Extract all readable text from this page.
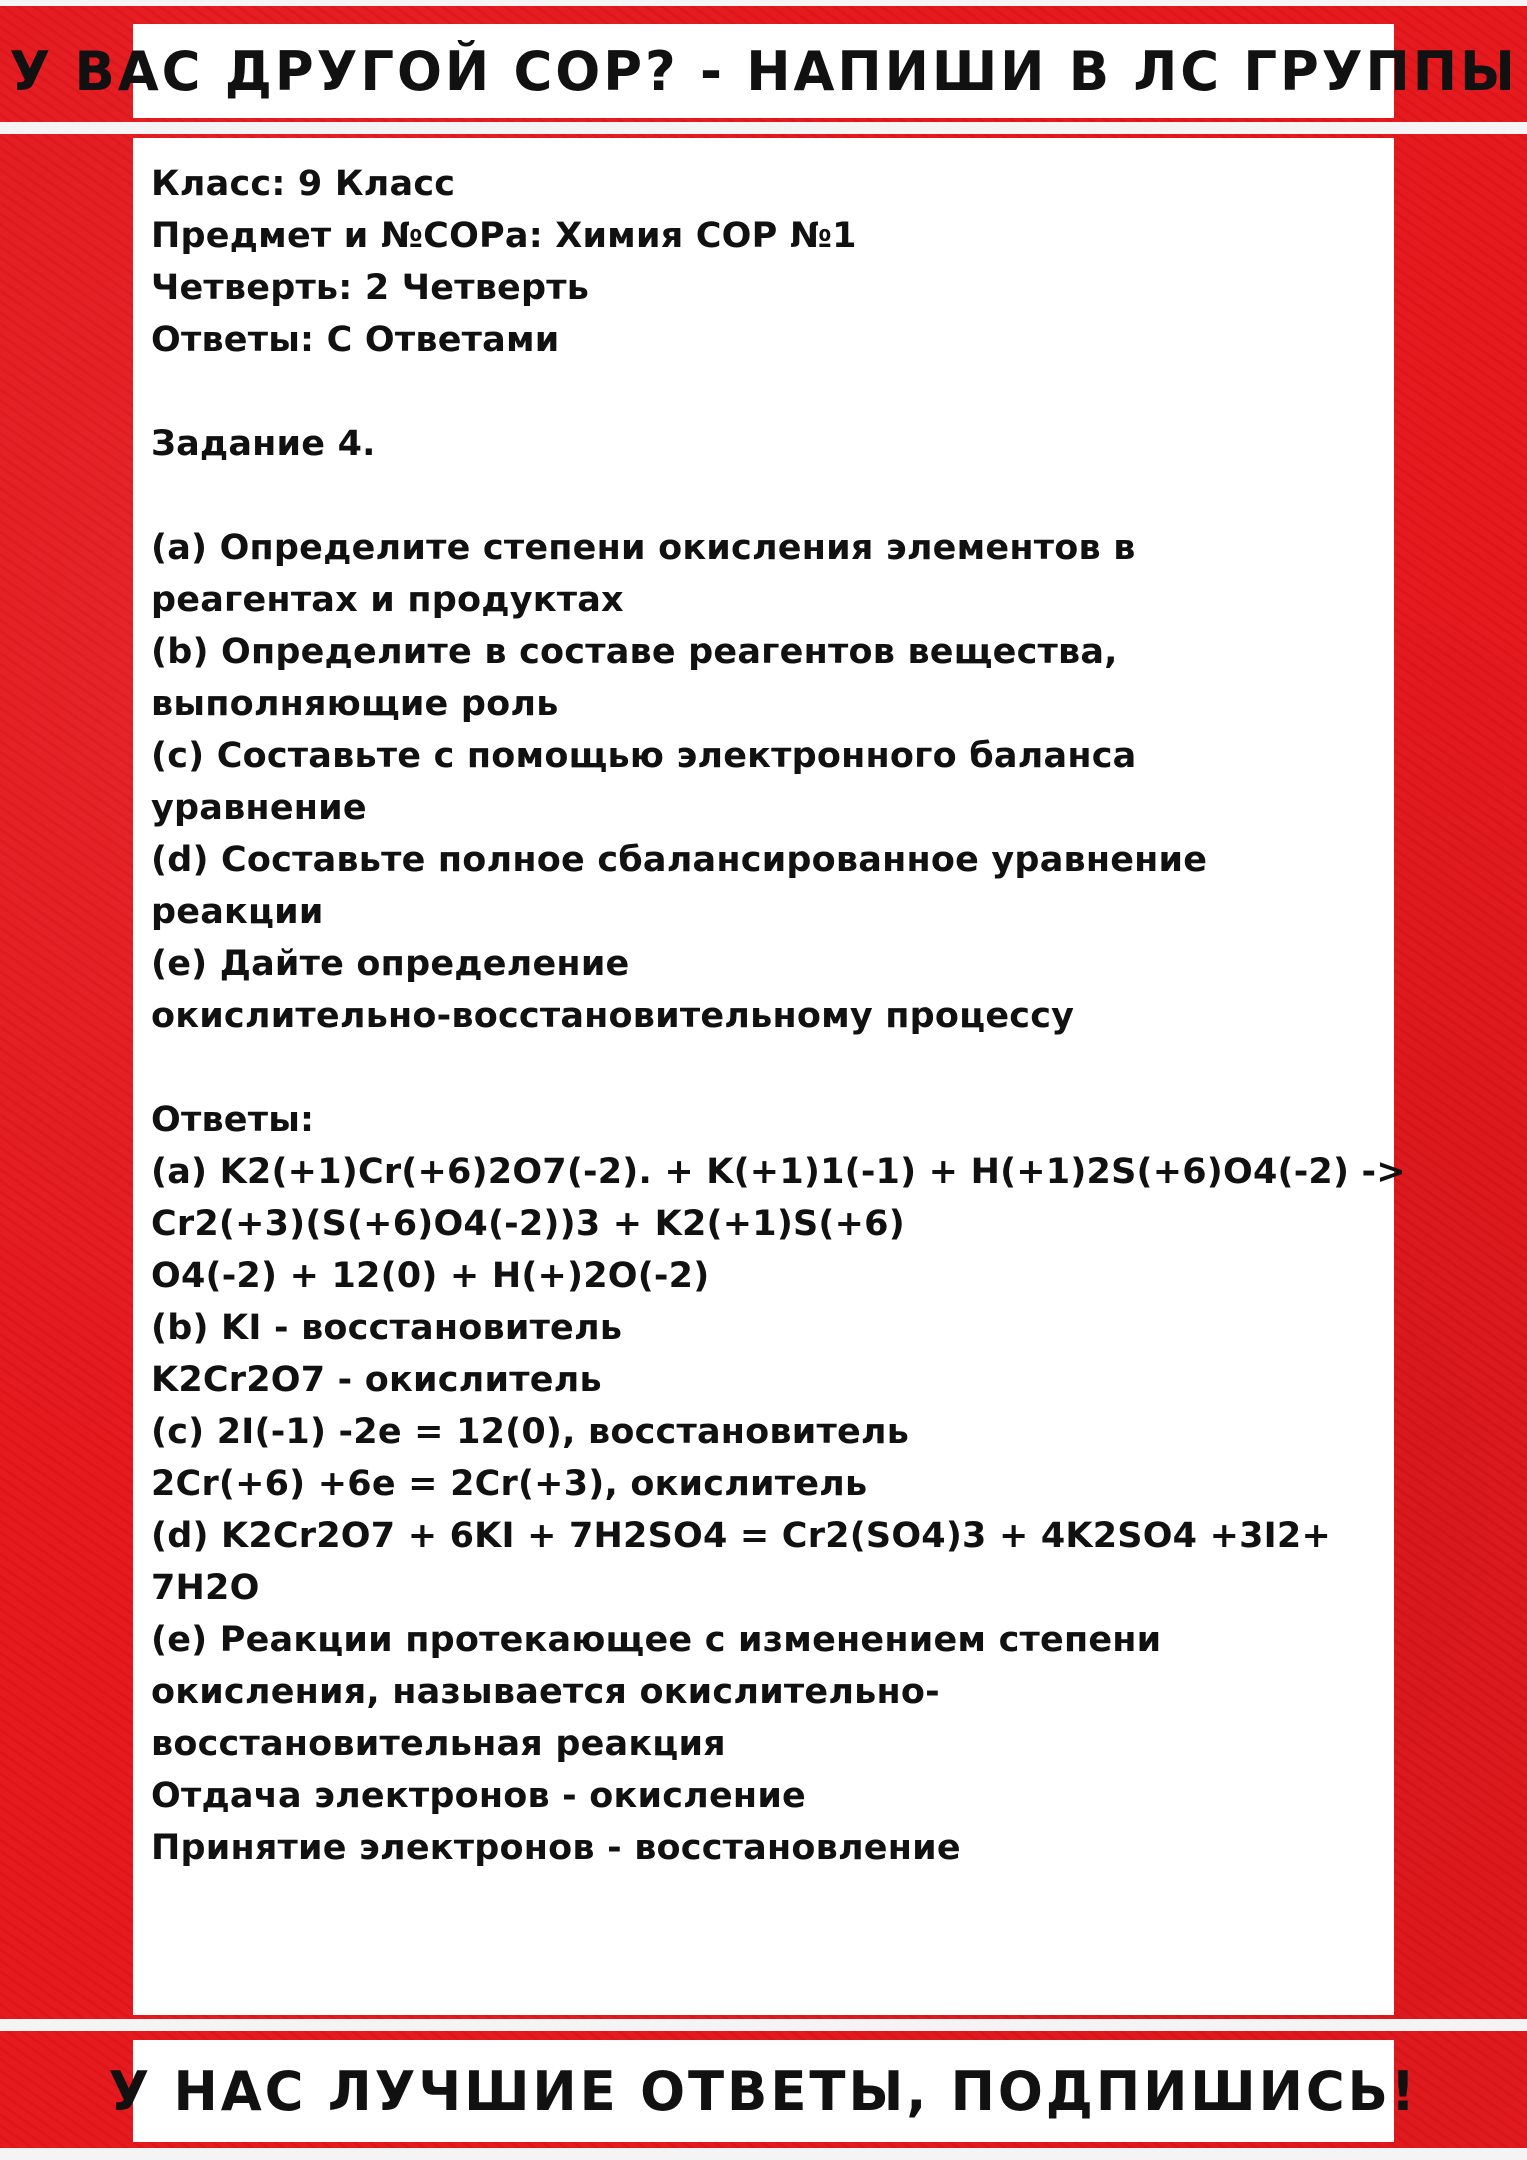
У ВАС ДРУГОЙ СОР? - НАПИШИ В ЛС ГРУППЫ
Класс: 9 Класс
Предмет и №СОРа: Химия СОР №1
Четверть: 2 Четверть
Ответы: С Ответами
Задание 4.
(a) Определите степени окисления элементов в
реагентах и продуктах
(b) Определите в составе реагентов вещества,
выполняющие роль
(c) Составьте с помощью электронного баланса
уравнение
(d) Составьте полное сбалансированное уравнение
реакции
(e) Дайте определение
окислительно-восстановительному процессу
Ответы:
(a) K2(+1)Cr(+6)2O7(-2). + K(+1)1(-1) + H(+1)2S(+6)O4(-2) ->
Cr2(+3)(S(+6)O4(-2))3 + K2(+1)S(+6)
O4(-2) + 12(0) + H(+)2O(-2)
(b) KI - восстановитель
K2Cr2O7 - окислитель
(c) 2I(-1) -2e = 12(0), восстановитель
2Cr(+6) +6e = 2Cr(+3), окислитель
(d) K2Cr2O7 + 6KI + 7H2SO4 = Cr2(SO4)3 + 4K2SO4 +3I2+
7H2O
(e) Реакции протекающее с изменением степени
окисления, называется окислительно-
восстановительная реакция
Отдача электронов - окисление
Принятие электронов - восстановление
У НАС ЛУЧШИЕ ОТВЕТЫ, ПОДПИШИСЬ!
